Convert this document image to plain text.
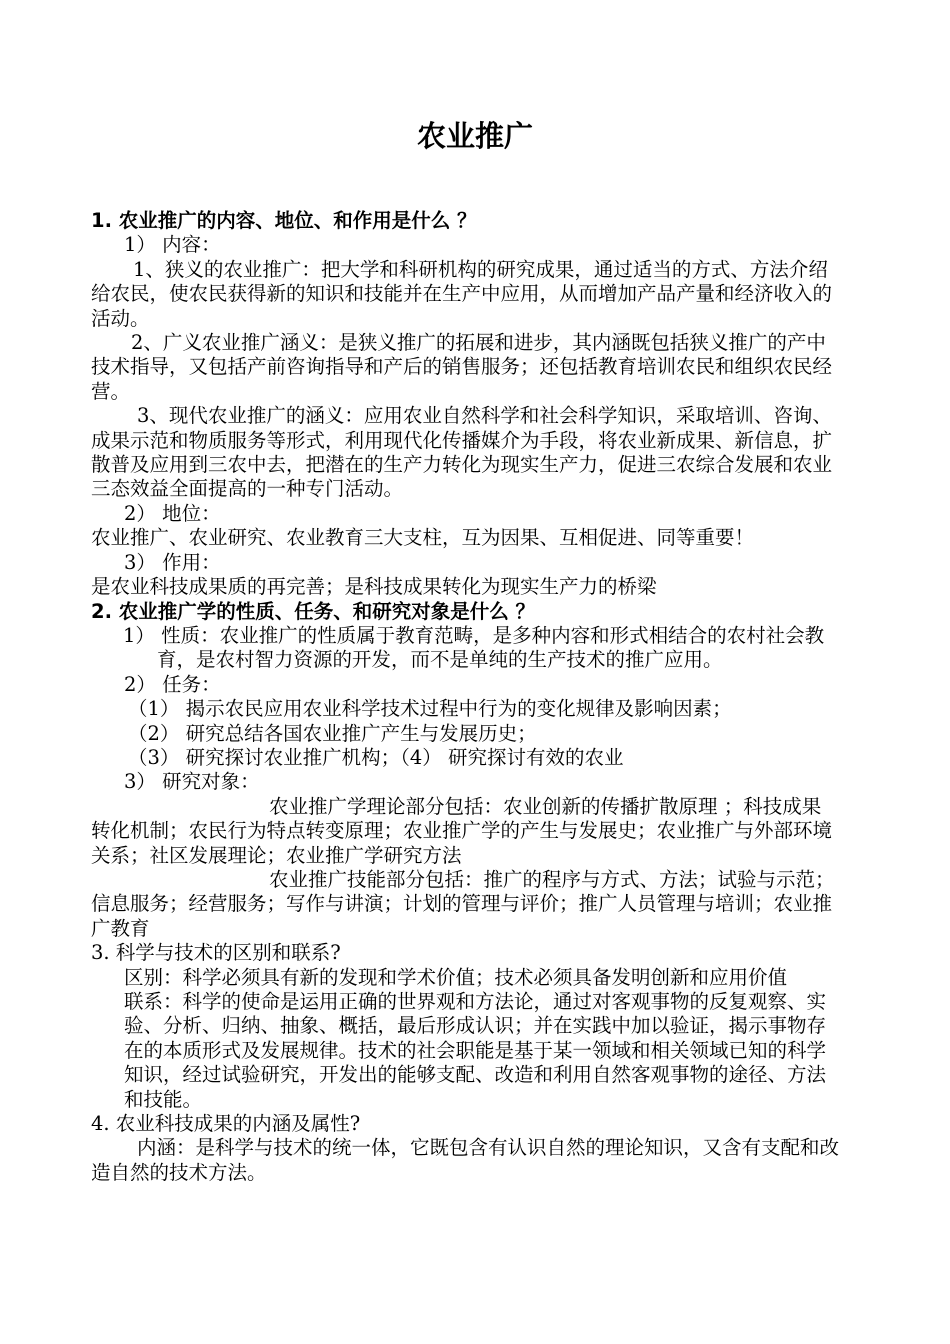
农业推广

1. 农业推广的内容、地位、和作用是什么 ？

1） 内容：

1、狭义的农业推广：把大学和科研机构的研究成果，通过适当的方式、方法介绍给农民，使农民获得新的知识和技能并在生产中应用，从而增加产品产量和经济收入的活动。

2、广义农业推广涵义：是狭义推广的拓展和进步，其内涵既包括狭义推广的产中技术指导，又包括产前咨询指导和产后的销售服务；还包括教育培训农民和组织农民经营。

3、现代农业推广的涵义：应用农业自然科学和社会科学知识，采取培训、咨询、成果示范和物质服务等形式，利用现代化传播媒介为手段，将农业新成果、新信息，扩散普及应用到三农中去，把潜在的生产力转化为现实生产力，促进三农综合发展和农业三态效益全面提高的一种专门活动。

2） 地位：

农业推广、农业研究、农业教育三大支柱，互为因果、互相促进、同等重要！

3） 作用：

是农业科技成果质的再完善；是科技成果转化为现实生产力的桥梁

2. 农业推广学的性质、任务、和研究对象是什么 ？

1） 性质：农业推广的性质属于教育范畴，是多种内容和形式相结合的农村社会教育，是农村智力资源的开发，而不是单纯的生产技术的推广应用。

2） 任务：

（1） 揭示农民应用农业科学技术过程中行为的变化规律及影响因素；

（2） 研究总结各国农业推广产生与发展历史；

（3） 研究探讨农业推广机构；（4） 研究探讨有效的农业

3） 研究对象：

农业推广学理论部分包括：农业创新的传播扩散原理 ；科技成果转化机制；农民行为特点转变原理；农业推广学的产生与发展史；农业推广与外部环境关系；社区发展理论；农业推广学研究方法

农业推广技能部分包括：推广的程序与方式、方法；试验与示范；信息服务；经营服务；写作与讲演；计划的管理与评价；推广人员管理与培训；农业推广教育

3. 科学与技术的区别和联系?

区别：科学必须具有新的发现和学术价值；技术必须具备发明创新和应用价值

联系：科学的使命是运用正确的世界观和方法论，通过对客观事物的反复观察、实验、分析、归纳、抽象、概括，最后形成认识；并在实践中加以验证，揭示事物存在的本质形式及发展规律。技术的社会职能是基于某一领域和相关领域已知的科学知识，经过试验研究，开发出的能够支配、改造和利用自然客观事物的途径、方法和技能。

4. 农业科技成果的内涵及属性?

内涵：是科学与技术的统一体，它既包含有认识自然的理论知识，又含有支配和改造自然的技术方法。
